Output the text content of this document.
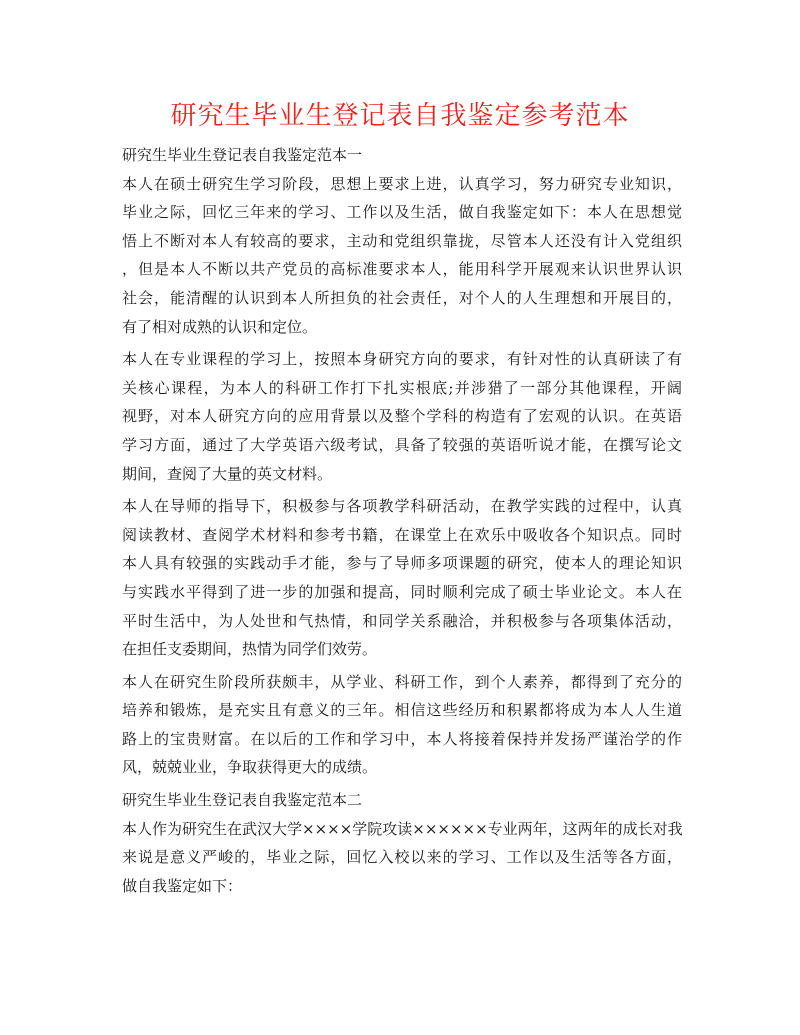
研究生毕业生登记表自我鉴定参考范本
研究生毕业生登记表自我鉴定范本一
本人在硕士研究生学习阶段，思想上要求上进，认真学习，努力研究专业知识，
毕业之际，回忆三年来的学习、工作以及生活，做自我鉴定如下：本人在思想觉
悟上不断对本人有较高的要求，主动和党组织靠拢，尽管本人还没有计入党组织
，但是本人不断以共产党员的高标准要求本人，能用科学开展观来认识世界认识
社会，能清醒的认识到本人所担负的社会责任，对个人的人生理想和开展目的，
有了相对成熟的认识和定位。
本人在专业课程的学习上，按照本身研究方向的要求，有针对性的认真研读了有
关核心课程，为本人的科研工作打下扎实根底;并涉猎了一部分其他课程，开阔
视野，对本人研究方向的应用背景以及整个学科的构造有了宏观的认识。在英语
学习方面，通过了大学英语六级考试，具备了较强的英语听说才能，在撰写论文
期间，查阅了大量的英文材料。
本人在导师的指导下，积极参与各项教学科研活动，在教学实践的过程中，认真
阅读教材、查阅学术材料和参考书籍，在课堂上在欢乐中吸收各个知识点。同时
本人具有较强的实践动手才能，参与了导师多项课题的研究，使本人的理论知识
与实践水平得到了进一步的加强和提高，同时顺利完成了硕士毕业论文。本人在
平时生活中，为人处世和气热情，和同学关系融洽，并积极参与各项集体活动，
在担任支委期间，热情为同学们效劳。
本人在研究生阶段所获颇丰，从学业、科研工作，到个人素养，都得到了充分的
培养和锻炼，是充实且有意义的三年。相信这些经历和积累都将成为本人人生道
路上的宝贵财富。在以后的工作和学习中，本人将接着保持并发扬严谨治学的作
风，兢兢业业，争取获得更大的成绩。
研究生毕业生登记表自我鉴定范本二
本人作为研究生在武汉大学××××学院攻读××××××专业两年，这两年的成长对我
来说是意义严峻的，毕业之际，回忆入校以来的学习、工作以及生活等各方面，
做自我鉴定如下：
